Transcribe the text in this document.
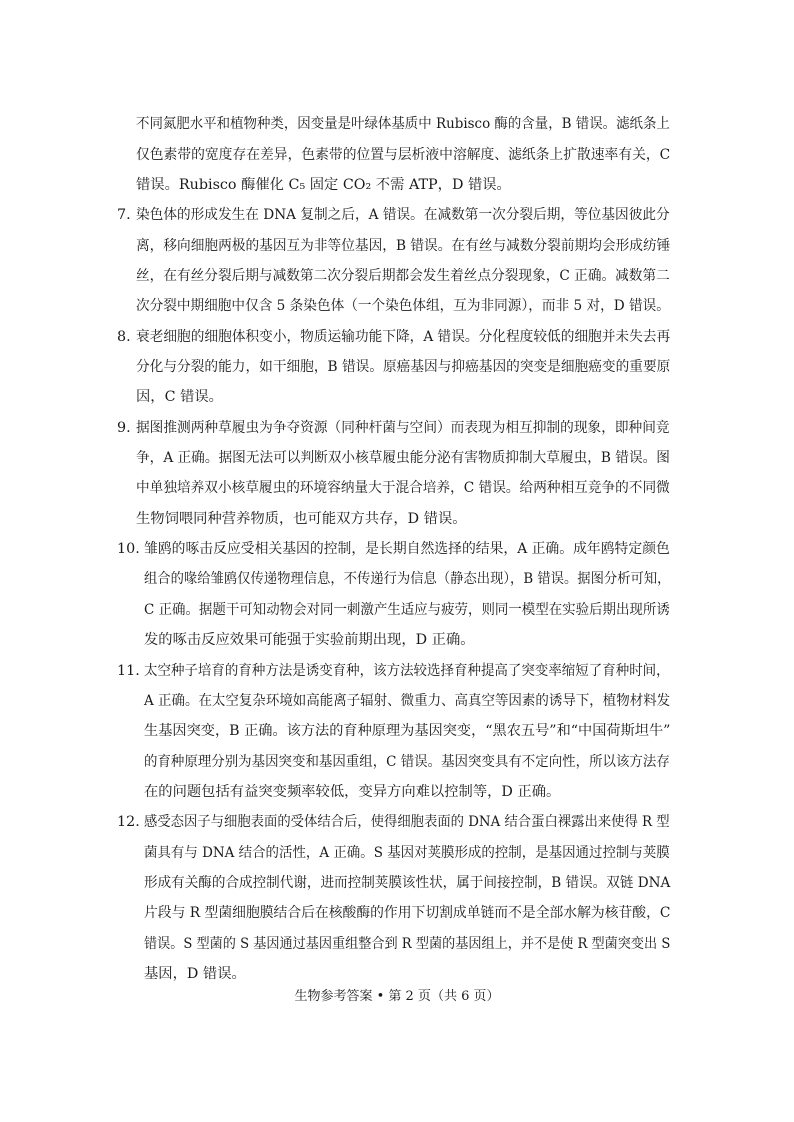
不同氮肥水平和植物种类，因变量是叶绿体基质中 Rubisco 酶的含量，B 错误。滤纸条上
仅色素带的宽度存在差异，色素带的位置与层析液中溶解度、滤纸条上扩散速率有关，C
错误。Rubisco 酶催化 C₅ 固定 CO₂ 不需 ATP，D 错误。
7. 染色体的形成发生在 DNA 复制之后，A 错误。在减数第一次分裂后期，等位基因彼此分
离，移向细胞两极的基因互为非等位基因，B 错误。在有丝与减数分裂前期均会形成纺锤
丝，在有丝分裂后期与减数第二次分裂后期都会发生着丝点分裂现象，C 正确。减数第二
次分裂中期细胞中仅含 5 条染色体（一个染色体组，互为非同源），而非 5 对，D 错误。
8. 衰老细胞的细胞体积变小，物质运输功能下降，A 错误。分化程度较低的细胞并未失去再
分化与分裂的能力，如干细胞，B 错误。原癌基因与抑癌基因的突变是细胞癌变的重要原
因，C 错误。
9. 据图推测两种草履虫为争夺资源（同种杆菌与空间）而表现为相互抑制的现象，即种间竞
争，A 正确。据图无法可以判断双小核草履虫能分泌有害物质抑制大草履虫，B 错误。图
中单独培养双小核草履虫的环境容纳量大于混合培养，C 错误。给两种相互竞争的不同微
生物饲喂同种营养物质，也可能双方共存，D 错误。
10. 雏鸥的啄击反应受相关基因的控制，是长期自然选择的结果，A 正确。成年鸥特定颜色
组合的喙给雏鸥仅传递物理信息，不传递行为信息（静态出现），B 错误。据图分析可知，
C 正确。据题干可知动物会对同一刺激产生适应与疲劳，则同一模型在实验后期出现所诱
发的啄击反应效果可能强于实验前期出现，D 正确。
11. 太空种子培育的育种方法是诱变育种，该方法较选择育种提高了突变率缩短了育种时间，
A 正确。在太空复杂环境如高能离子辐射、微重力、高真空等因素的诱导下，植物材料发
生基因突变，B 正确。该方法的育种原理为基因突变，“黑农五号”和“中国荷斯坦牛”
的育种原理分别为基因突变和基因重组，C 错误。基因突变具有不定向性，所以该方法存
在的问题包括有益突变频率较低，变异方向难以控制等，D 正确。
12. 感受态因子与细胞表面的受体结合后，使得细胞表面的 DNA 结合蛋白裸露出来使得 R 型
菌具有与 DNA 结合的活性，A 正确。S 基因对荚膜形成的控制，是基因通过控制与荚膜
形成有关酶的合成控制代谢，进而控制荚膜该性状，属于间接控制，B 错误。双链 DNA
片段与 R 型菌细胞膜结合后在核酸酶的作用下切割成单链而不是全部水解为核苷酸，C
错误。S 型菌的 S 基因通过基因重组整合到 R 型菌的基因组上，并不是使 R 型菌突变出 S
基因，D 错误。
生物参考答案 • 第 2 页（共 6 页）
